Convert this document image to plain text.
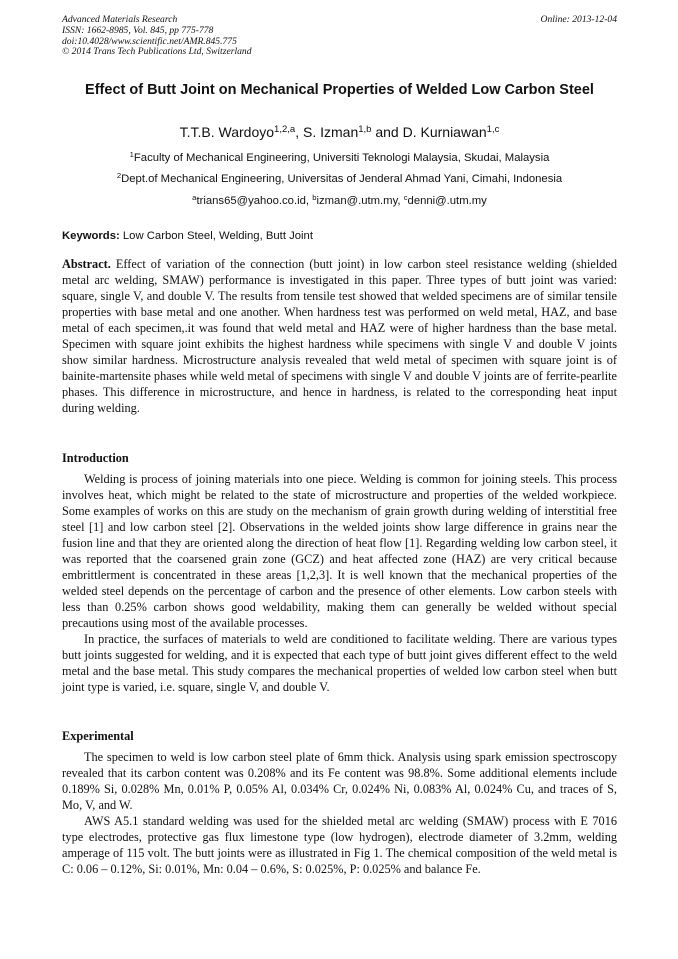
Advanced Materials Research
ISSN: 1662-8985, Vol. 845, pp 775-778
doi:10.4028/www.scientific.net/AMR.845.775
© 2014 Trans Tech Publications Ltd, Switzerland
Online: 2013-12-04
Effect of Butt Joint on Mechanical Properties of Welded Low Carbon Steel
T.T.B. Wardoyo$^{1,2,a}$, S. Izman$^{1,b}$ and D. Kurniawan$^{1,c}$
$^1$Faculty of Mechanical Engineering, Universiti Teknologi Malaysia, Skudai, Malaysia
$^2$Dept.of Mechanical Engineering, Universitas of Jenderal Ahmad Yani, Cimahi, Indonesia
$^a$trians65@yahoo.co.id, $^b$izman@.utm.my, $^c$denni@.utm.my
Keywords: Low Carbon Steel, Welding, Butt Joint
Abstract. Effect of variation of the connection (butt joint) in low carbon steel resistance welding (shielded metal arc welding, SMAW) performance is investigated in this paper. Three types of butt joint was varied: square, single V, and double V. The results from tensile test showed that welded specimens are of similar tensile properties with base metal and one another. When hardness test was performed on weld metal, HAZ, and base metal of each specimen,.it was found that weld metal and HAZ were of higher hardness than the base metal. Specimen with square joint exhibits the highest hardness while specimens with single V and double V joints show similar hardness. Microstructure analysis revealed that weld metal of specimen with square joint is of bainite-martensite phases while weld metal of specimens with single V and double V joints are of ferrite-pearlite phases. This difference in microstructure, and hence in hardness, is related to the corresponding heat input during welding.
Introduction

Welding is process of joining materials into one piece. Welding is common for joining steels. This process involves heat, which might be related to the state of microstructure and properties of the welded workpiece. Some examples of works on this are study on the mechanism of grain growth during welding of interstitial free steel [1] and low carbon steel [2]. Observations in the welded joints show large difference in grains near the fusion line and that they are oriented along the direction of heat flow [1]. Regarding welding low carbon steel, it was reported that the coarsened grain zone (GCZ) and heat affected zone (HAZ) are very critical because embrittlerment is concentrated in these areas [1,2,3]. It is well known that the mechanical properties of the welded steel depends on the percentage of carbon and the presence of other elements. Low carbon steels with less than 0.25% carbon shows good weldability, making them can generally be welded without special precautions using most of the available processes.

In practice, the surfaces of materials to weld are conditioned to facilitate welding. There are various types butt joints suggested for welding, and it is expected that each type of butt joint gives different effect to the weld metal and the base metal. This study compares the mechanical properties of welded low carbon steel when butt joint type is varied, i.e. square, single V, and double V.

Experimental

The specimen to weld is low carbon steel plate of 6mm thick. Analysis using spark emission spectroscopy revealed that its carbon content was 0.208% and its Fe content was 98.8%. Some additional elements include 0.189% Si, 0.028% Mn, 0.01% P, 0.05% Al, 0.034% Cr, 0.024% Ni, 0.083% Al, 0.024% Cu, and traces of S, Mo, V, and W.

AWS A5.1 standard welding was used for the shielded metal arc welding (SMAW) process with E 7016 type electrodes, protective gas flux limestone type (low hydrogen), electrode diameter of 3.2mm, welding amperage of 115 volt. The butt joints were as illustrated in Fig 1. The chemical composition of the weld metal is C: 0.06 – 0.12%, Si: 0.01%, Mn: 0.04 – 0.6%, S: 0.025%, P: 0.025% and balance Fe.
